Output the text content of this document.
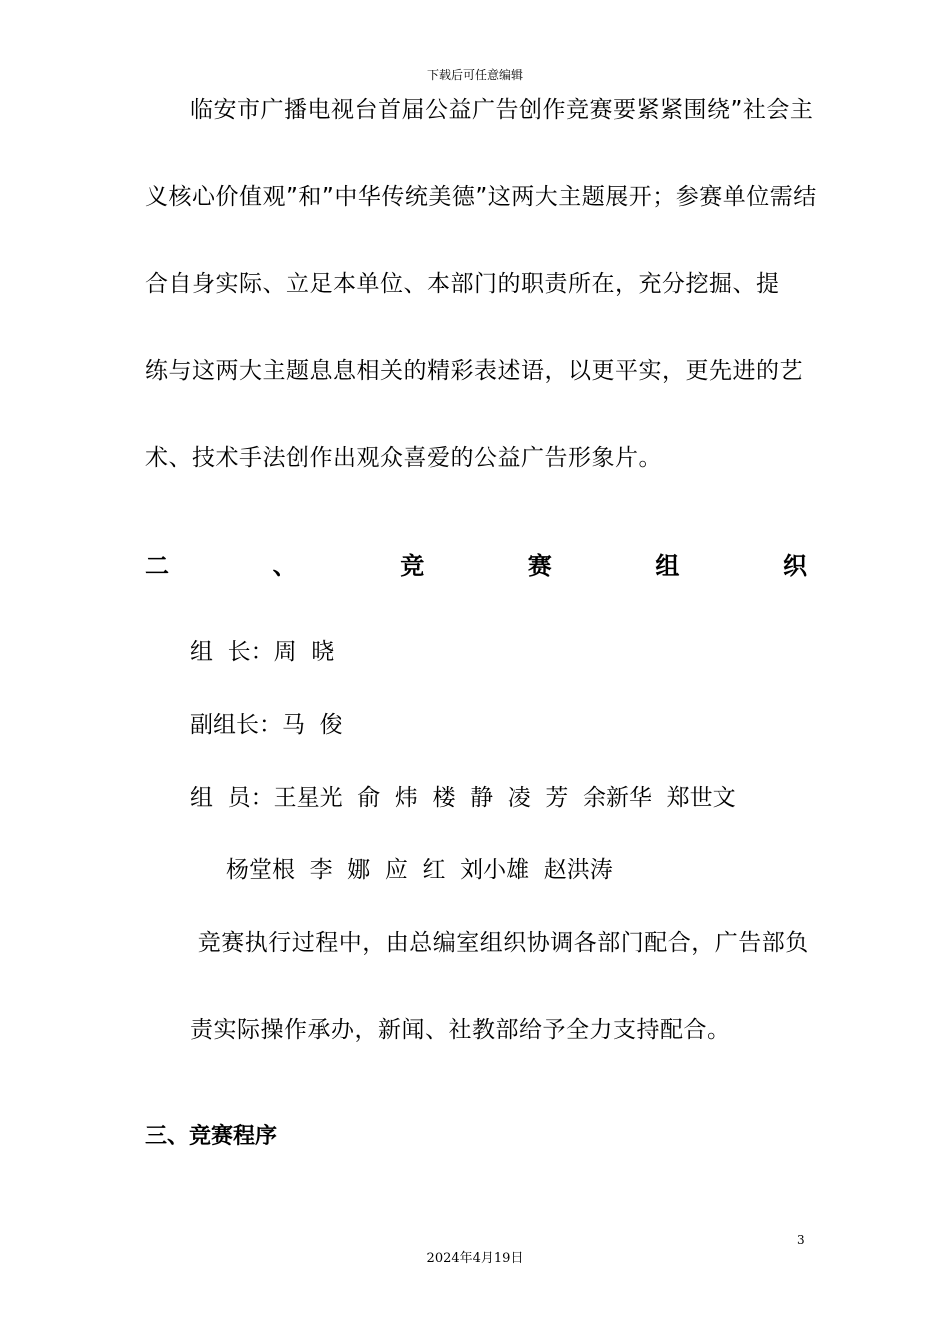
下载后可任意编辑
临安市广播电视台首届公益广告创作竞赛要紧紧围绕”社会主
义核心价值观”和”中华传统美德”这两大主题展开；参赛单位需结
合自身实际、立足本单位、本部门的职责所在，充分挖掘、提
练与这两大主题息息相关的精彩表述语，以更平实，更先进的艺
术、技术手法创作出观众喜爱的公益广告形象片。
二	、	竞	赛	组	织
组  长：周  晓
副组长：马  俊
组  员：王星光  俞  炜  楼  静  凌  芳  余新华  郑世文
杨堂根  李  娜  应  红  刘小雄  赵洪涛
竞赛执行过程中，由总编室组织协调各部门配合，广告部负
责实际操作承办，新闻、社教部给予全力支持配合。
三、竞赛程序
3
2024年4月19日
